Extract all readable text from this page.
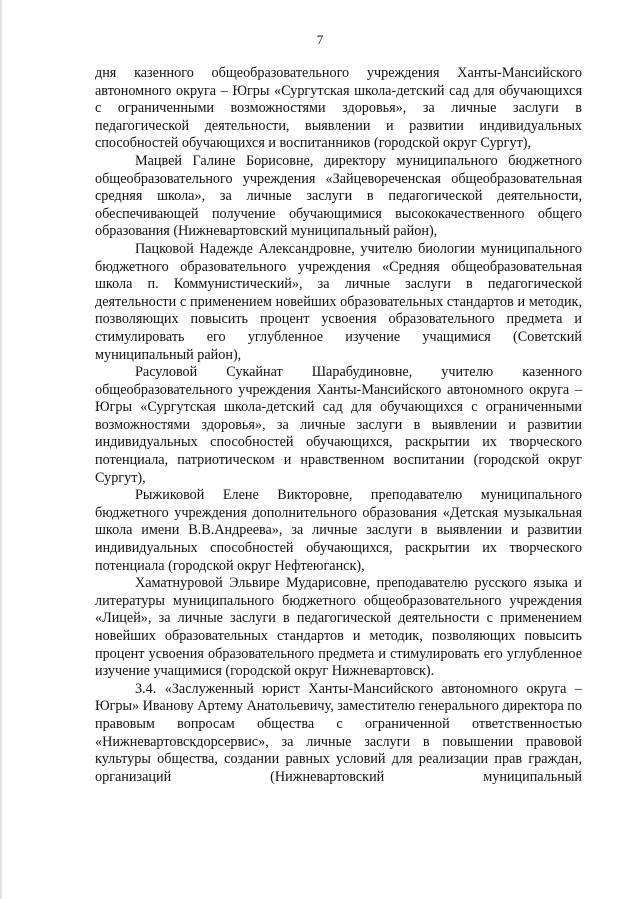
7

дня казенного общеобразовательного учреждения Ханты-Мансийского автономного округа – Югры «Сургутская школа-детский сад для обучающихся с ограниченными возможностями здоровья», за личные заслуги в педагогической деятельности, выявлении и развитии индивидуальных способностей обучающихся и воспитанников (городской округ Сургут),

Мацвей Галине Борисовне, директору муниципального бюджетного общеобразовательного учреждения «Зайцевореченская общеобразовательная средняя школа», за личные заслуги в педагогической деятельности, обеспечивающей получение обучающимися высококачественного общего образования (Нижневартовский муниципальный район),

Пацковой Надежде Александровне, учителю биологии муниципального бюджетного образовательного учреждения «Средняя общеобразовательная школа п. Коммунистический», за личные заслуги в педагогической деятельности с применением новейших образовательных стандартов и методик, позволяющих повысить процент усвоения образовательного предмета и стимулировать его углубленное изучение учащимися (Советский муниципальный район),

Расуловой Сукайнат Шарабудиновне, учителю казенного общеобразовательного учреждения Ханты-Мансийского автономного округа – Югры «Сургутская школа-детский сад для обучающихся с ограниченными возможностями здоровья», за личные заслуги в выявлении и развитии индивидуальных способностей обучающихся, раскрытии их творческого потенциала, патриотическом и нравственном воспитании (городской округ Сургут),

Рыжиковой Елене Викторовне, преподавателю муниципального бюджетного учреждения дополнительного образования «Детская музыкальная школа имени В.В.Андреева», за личные заслуги в выявлении и развитии индивидуальных способностей обучающихся, раскрытии их творческого потенциала (городской округ Нефтеюганск),

Хаматнуровой Эльвире Мударисовне, преподавателю русского языка и литературы муниципального бюджетного общеобразовательного учреждения «Лицей», за личные заслуги в педагогической деятельности с применением новейших образовательных стандартов и методик, позволяющих повысить процент усвоения образовательного предмета и стимулировать его углубленное изучение учащимися (городской округ Нижневартовск).

3.4. «Заслуженный юрист Ханты-Мансийского автономного округа – Югры» Иванову Артему Анатольевичу, заместителю генерального директора по правовым вопросам общества с ограниченной ответственностью «Нижневартовскдорсервис», за личные заслуги в повышении правовой культуры общества, создании равных условий для реализации прав граждан, организаций (Нижневартовский муниципальный
